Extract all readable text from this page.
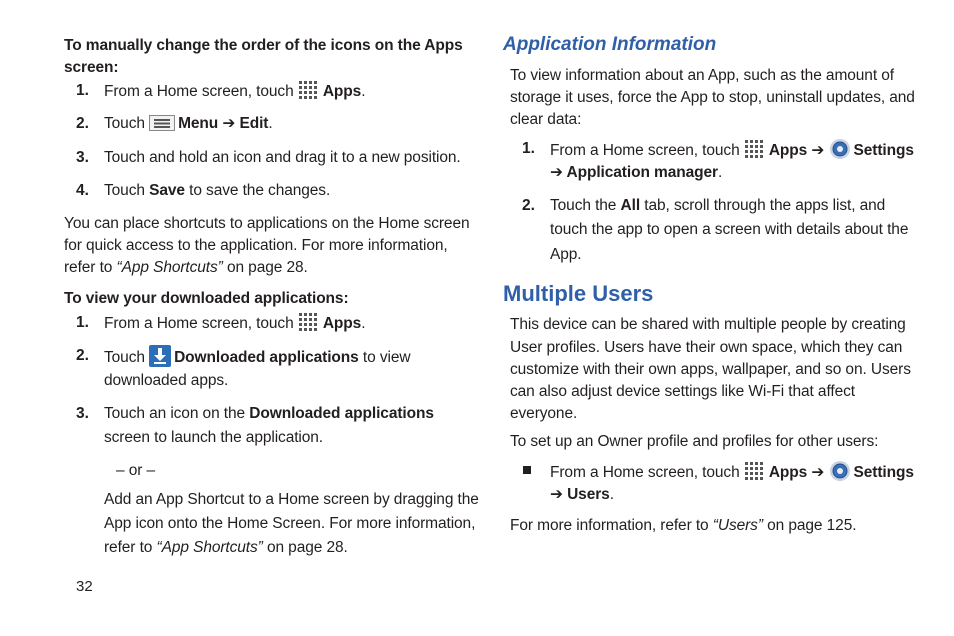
To manually change the order of the icons on the Apps
screen:
1. From a Home screen, touch Apps.
2. Touch Menu ➔ Edit.
3. Touch and hold an icon and drag it to a new position.
4. Touch Save to save the changes.
You can place shortcuts to applications on the Home screen
for quick access to the application. For more information,
refer to “App Shortcuts” on page 28.
To view your downloaded applications:
1. From a Home screen, touch Apps.
2. Touch Downloaded applications to view
downloaded apps.
3. Touch an icon on the Downloaded applications
screen to launch the application.
– or –
Add an App Shortcut to a Home screen by dragging the
App icon onto the Home Screen. For more information,
refer to “App Shortcuts” on page 28.
32
Application Information
To view information about an App, such as the amount of
storage it uses, force the App to stop, uninstall updates, and
clear data:
1. From a Home screen, touch Apps ➔ Settings
➔ Application manager.
2. Touch the All tab, scroll through the apps list, and
touch the app to open a screen with details about the
App.
Multiple Users
This device can be shared with multiple people by creating
User profiles. Users have their own space, which they can
customize with their own apps, wallpaper, and so on. Users
can also adjust device settings like Wi-Fi that affect
everyone.
To set up an Owner profile and profiles for other users:
From a Home screen, touch Apps ➔ Settings
➔ Users.
For more information, refer to “Users” on page 125.
